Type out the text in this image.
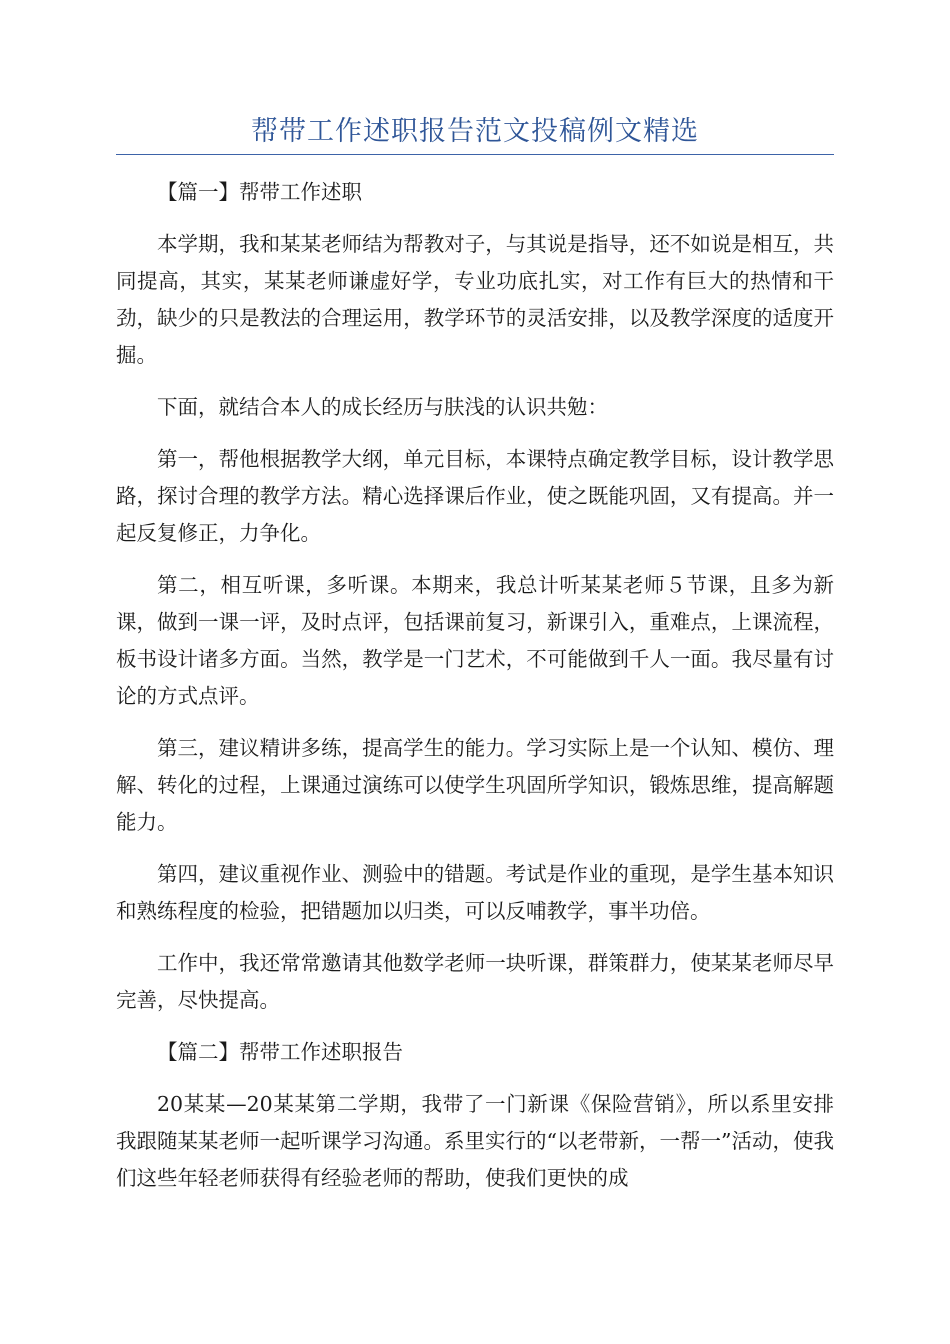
帮带工作述职报告范文投稿例文精选

【篇一】帮带工作述职

本学期，我和某某老师结为帮教对子，与其说是指导，还不如说是相互，共同提高，其实，某某老师谦虚好学，专业功底扎实，对工作有巨大的热情和干劲，缺少的只是教法的合理运用，教学环节的灵活安排，以及教学深度的适度开掘。

下面，就结合本人的成长经历与肤浅的认识共勉：

第一，帮他根据教学大纲，单元目标，本课特点确定教学目标，设计教学思路，探讨合理的教学方法。精心选择课后作业，使之既能巩固，又有提高。并一起反复修正，力争化。

第二，相互听课，多听课。本期来，我总计听某某老师５节课，且多为新课，做到一课一评，及时点评，包括课前复习，新课引入，重难点，上课流程，板书设计诸多方面。当然，教学是一门艺术，不可能做到千人一面。我尽量有讨论的方式点评。

第三，建议精讲多练，提高学生的能力。学习实际上是一个认知、模仿、理解、转化的过程，上课通过演练可以使学生巩固所学知识，锻炼思维，提高解题能力。

第四，建议重视作业、测验中的错题。考试是作业的重现，是学生基本知识和熟练程度的检验，把错题加以归类，可以反哺教学，事半功倍。

工作中，我还常常邀请其他数学老师一块听课，群策群力，使某某老师尽早完善，尽快提高。

【篇二】帮带工作述职报告

20某某—20某某第二学期，我带了一门新课《保险营销》，所以系里安排我跟随某某老师一起听课学习沟通。系里实行的“以老带新，一帮一”活动，使我们这些年轻老师获得有经验老师的帮助，使我们更快的成
